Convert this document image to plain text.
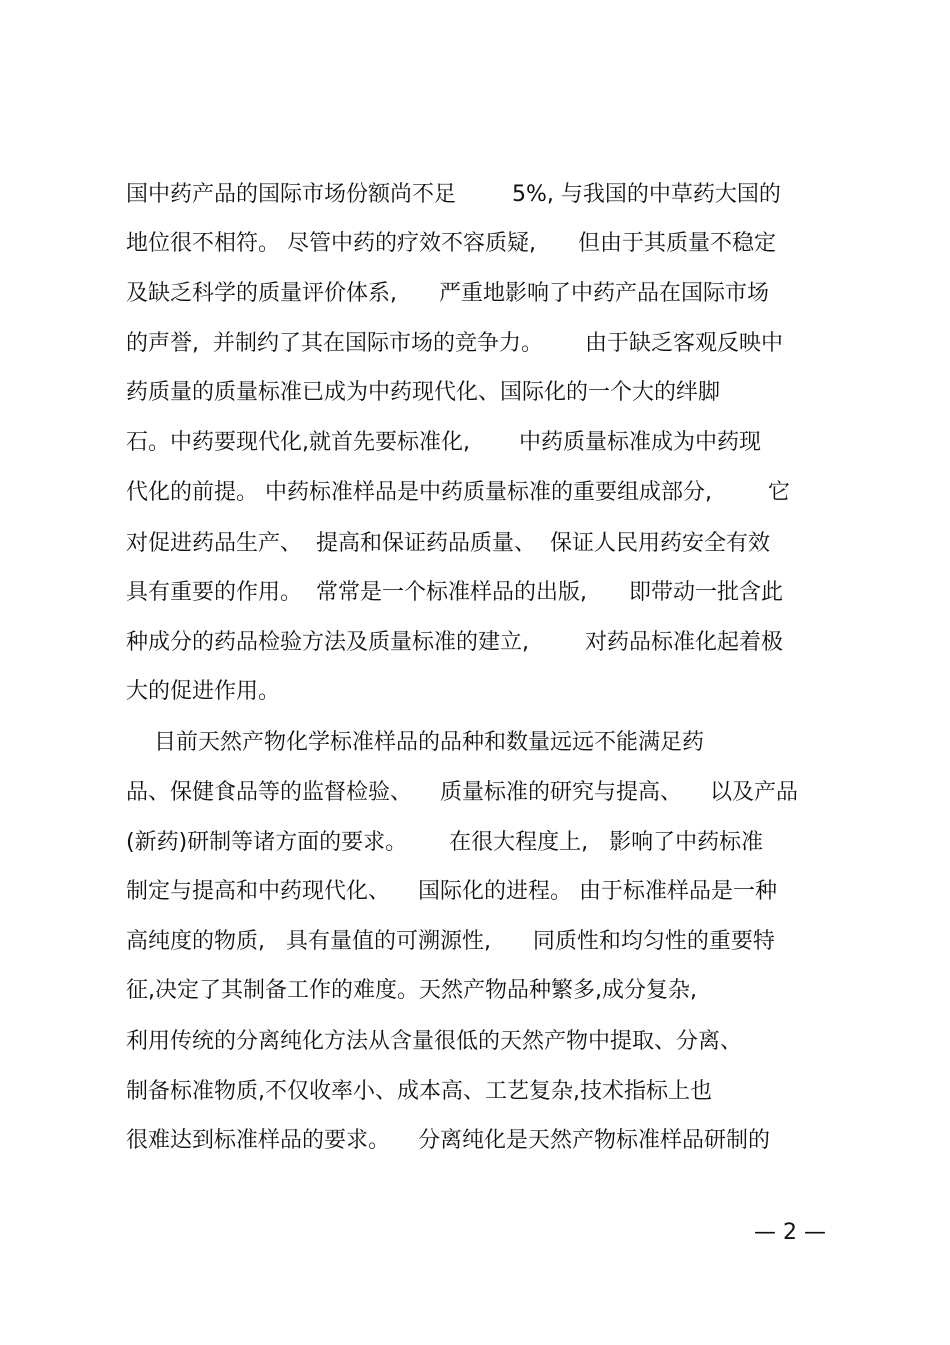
国中药产品的国际市场份额尚不足        5%, 与我国的中草药大国的
地位很不相符。 尽管中药的疗效不容质疑,      但由于其质量不稳定
及缺乏科学的质量评价体系,      严重地影响了中药产品在国际市场
的声誉,  并制约了其在国际市场的竞争力。      由于缺乏客观反映中
药质量的质量标准已成为中药现代化、国际化的一个大的绊脚
石。中药要现代化,就首先要标准化,       中药质量标准成为中药现
代化的前提。 中药标准样品是中药质量标准的重要组成部分,        它
对促进药品生产、  提高和保证药品质量、  保证人民用药安全有效
具有重要的作用。  常常是一个标准样品的出版,      即带动一批含此
种成分的药品检验方法及质量标准的建立,        对药品标准化起着极
大的促进作用。
目前天然产物化学标准样品的品种和数量远远不能满足药
品、保健食品等的监督检验、    质量标准的研究与提高、    以及产品
(新药)研制等诸方面的要求。      在很大程度上,   影响了中药标准
制定与提高和中药现代化、    国际化的进程。 由于标准样品是一种
高纯度的物质,   具有量值的可溯源性,      同质性和均匀性的重要特
征,决定了其制备工作的难度。天然产物品种繁多,成分复杂,
利用传统的分离纯化方法从含量很低的天然产物中提取、分离、
制备标准物质,不仅收率小、成本高、工艺复杂,技术指标上也
很难达到标准样品的要求。    分离纯化是天然产物标准样品研制的
— 2 —
